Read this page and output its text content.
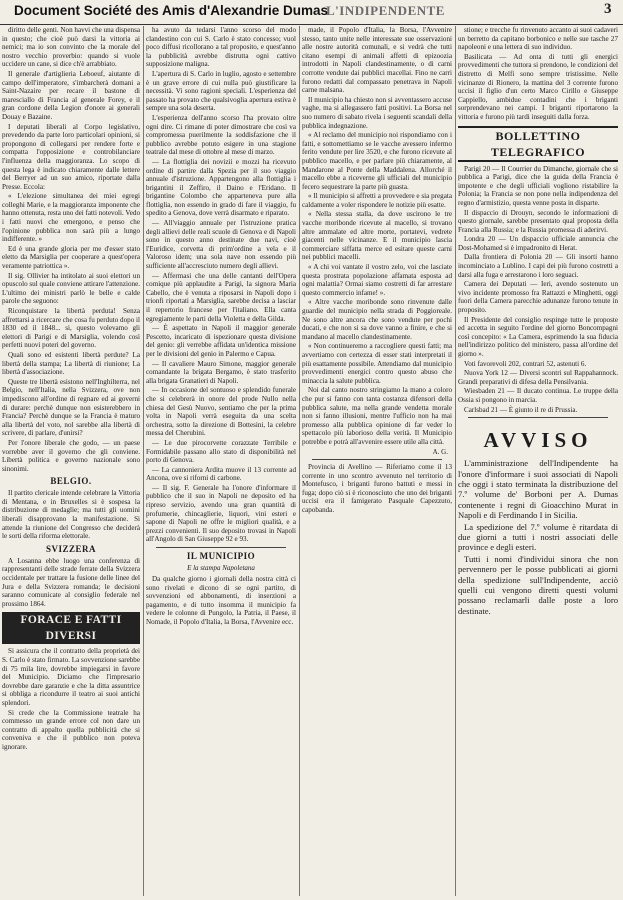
Document Société des Amis d'Alexandrie Dumas
L'INDIPENDENTE	3

diritto delle genti. Non havvi che una dispensa in questo; che cioè può darsi la vittoria ai nemici; ma io son convinto che la morale del nostro vecchio proverbio: quando si vuole uccidere un cane, si dice ch'è arrabbiato.

Il generale d'artiglieria Leboeuf, aiutante di campo dell'imperatore, s'imbarcherà domani a Saint-Nazaire per recare il bastone di maresciallo di Francia al generale Forey, e il gran cordone della Legion d'onore ai generali Douay e Bazaine.

I deputati liberali al Corpo legislativo, prevedendo da parte loro particolari opinioni, si propongono di collegarsi per rendere forte e compatta l'opposizione e controbilanciare l'influenza della maggioranza. Lo scopo di questa lega è indicato chiaramente dalle lettere del Berryer ad un suo amico, riportate dalla Presse. Eccola:

« L'elezione simultanea dei miei egregi colleghi Marie, e la maggioranza imponente che hanno ottenuta, resta uno dei fatti notevoli. Vedo i fatti nuovi che emergono, e penso che l'opinione pubblica non sarà più a lungo indifferente. »

Ed è una grande gloria per me d'esser stato eletto da Marsiglia per cooperare a quest'opera veramente patriottica ».

Il sig. Ollivier ha intitolato ai suoi elettori un opuscolo sul quale conviene attirare l'attenzione. L'ultimo dei ministri parlò le belle e calde parole che seguono:

Riconquistare la libertà perduta! Senza affrettarsi a ricercare che cosa fu perduto dopo il 1830 ed il 1848... si, questo volevamo gli elettori di Parigi e di Marsiglia, volendo così perfetti nuovi poteri del governo.

Quali sono ed esistenti libertà perdute? La libertà della stampa; La libertà di riunione; La libertà d'associazione.

Queste tre libertà esistono nell'Inghilterra, nel Belgio, nell'Italia, nella Svizzera, ove non impediscono all'ordine di regnare ed ai governi di durare: perchè dunque non esisterebbero in Francia? Perchè dunque se la Francia è maturo alla libertà del voto, nol sarebbe alla libertà di scrivere, di parlare, d'unirsi?

Per l'onore liberale che godo, — un paese vorrebbe aver il governo che gli conviene. Libertà politica e governo nazionale sono sinonimi.

BELGIO.

Il partito clericale intende celebrare la Vittoria di Mentana, e in Bruxelles si è sospesa la distribuzione di medaglie; ma tutti gli uomini liberali disapprovano la manifestazione. Si attende la riunione del Congresso che deciderà le sorti della riforma elettorale.

SVIZZERA

A Losanna ebbe luogo una conferenza di rappresentanti delle strade ferrate della Svizzera occidentale per trattare la fusione delle linee del Jura e della Svizzera romanda; le decisioni saranno comunicate al consiglio federale nel prossimo 1864.

FORACE E FATTI DIVERSI

Si assicura che il contratto della proprietà dei S. Carlo è stato firmato. La sovvenzione sarebbe di 75 mila lire, dovrebbe impiegarsi in favore del Municipio. Diciamo che l'impresario dovrebbe dare garanzie e che la ditta assuntrice si obbliga a ricondurre il teatro ai suoi antichi splendori.

Si crede che la Commissione teatrale ha commesso un grande errore col non dare un contratto di appalto quella pubblicità che si conveniva e che il pubblico non poteva ignorare.

ha avuto da tedarsi l'anno scorso del modo clandestino con cui S. Carlo è stato concesso; vuol poco diffusi ricollorano a tal proposito, e quest'anno la pubblicità avrebbe distrutta ogni cattivo supposizione maligna.

L'apertura di S. Carlo in luglio, agosto e settembre è un grave errore di cui nulla può giustificare la necessità. Vi sono ragioni speciali. L'esperienza del passato ha provato che qualsivoglia apertura estiva è sempre una sola deserta.

L'esperienza dell'anno scorso l'ha provato oltre ogni dire. Ci rimane di poter dimostrare che così va compromessa puerilmente la soddisfazione che il pubblico avrebbe potuto esigere in una stagione teatrale dal mese di ottobre al mese di marzo.

— La flottiglia dei novizii e mozzi ha ricevuto ordine di partire dalla Spezia per il suo viaggio annuale d'istruzione. Appartengono alla flottiglia i brigantini il Zeffiro, il Daino e l'Eridano. Il brigantine Colombo che apparteneva pure alla flottiglia, non essendo in grado di fare il viaggio, fu spedito a Genova, dove verrà disarmato e riparato.

— All'viaggio annuale per l'istruzione pratica degli allievi delle reali scuole di Genova e di Napoli sono in questo anno destinate due navi, cioè l'Euridice, corvetta di prim'ordine a vela e il Valoroso idem; una sola nave non essendo più sufficiente all'accresciuto numero degli allievi.

— Affermasi che una delle cantanti dell'Opera comique più applaudite a Parigi, la signora Maria Cabello, che è venuta a riposarsi in Napoli dopo i trionfi riportati a Marsiglia, sarebbe decisa a lasciar il repertorio francese per l'italiano. Ella canta egregiamente le parti della Violetta e della Gilda.

— È aspettato in Napoli il maggior generale Pescetto, incaricato di ispezionare questa divisione del genio: gli verrebbe affidata un'identica missione per le divisioni del genio in Palermo e Capua.

— Il cavaliere Mauro Simone, maggior generale comandante la brigata Bergamo, è stato trasferito alla brigata Granatieri di Napoli.

— In occasione del sontuoso e splendido funerale che si celebrerà in onore del prode Nullo nella chiesa del Gesù Nuovo, sentiamo che per la prima volta in Napoli verrà eseguita da una scelta orchestra, sotto la direzione di Bottesini, la celebre messa del Cherubini.

— Le due pirocorvette corazzate Terribile e Formidabile passano allo stato di disponibilità nel porto di Genova.

— La cannoniera Ardita muove il 13 corrente ad Ancona, ove si riforni di carbone.

— Il sig. F. Generale ha l'onore d'informare il pubblico che il suo in Napoli ne deposito ed ha ripreso servizio, avendo una gran quantità di profumerie, chincaglierie, liquori, vini esteri e sapone di Napoli ne offre le migliori qualità, e a prezzi convenienti. Il suo deposito trovasi in Napoli all'Angolo di San Giuseppe 92 e 93.

IL MUNICIPIO
E la stampa Napoletana

Da qualche giorno i giornali della nostra città ci sono rivelati e dicono di se ogni partito, di sovvenzioni ed abbonamenti, di inserzioni a pagamento, e di tutto insomma il municipio fa vedere le colonne di Pungolo, la Patria, il Paese, il Nomade, il Popolo d'Italia, la Borsa, l'Avvenire ecc.

made, il Popolo d'Italia, la Borsa, l'Avvenire stesso, tanto unite nelle interessate sue osservazioni alle nostre autorità comunali, e si vedrà che tutti citano esempi di animali affetti di epizoozia introdotti in Napoli clandestinamente, o di carni corrotte vendute dai pubblici macellai. Fino ne carri furono redatti dal compassato penetrava in Napoli carne malsana.

Il municipio ha chiesto non si avventassero accuse vaghe, ma si allegassero fatti positivi. La Borsa nel suo numero di sabato rivela i seguenti scandali della pubblica indegnazione.

« Al reclamo del municipio noi rispondiamo con i fatti, e sottomettiamo se le vacche avessero infermo ferito vendute per lire 3520, e che furono ricevute al pubblico macello, e per parlare più chiaramente, al Mandarone al Ponte della Maddalena. Allorché il macello ebbe a riceverne gli ufficiali del municipio fecero sequestrare la parte più guasta.

« Il municipio si affretti a provvedere e sia pregata caldamente a voler rispondere le notizie più esatte.

« Nella stessa stalla, da dove uscirono le tre vacche moribonde ricevute al macello, si trovano altre ammalate ed altre morte, portatevi, vedrete giacenti nelle vicinanze. E il municipio lascia commerciare siffatta merce ed esitare queste carni nei pubblici macelli.

« A chi voi vantate il vostro zelo, voi che lasciate questa prostrata popolazione affamata esposta ad ogni malattia? Ormai siamo costretti di far arrestare questo commercio infame! ».

« Altre vacche moribonde sono rinvenute dalle guardie del municipio nella strada di Poggioreale. Ne sono altre ancora che sono vendute per pochi ducati, e che non si sa dove vanno a finire, e che si mandano al macello clandestinamente.

« Non continueremo a raccogliere questi fatti; ma avvertiamo con certezza di esser stati interpretati il più esattamente possibile. Attendiamo dal municipio provvedimenti energici contro questo abuso che minaccia la salute pubblica.

Noi dal canto nostro stringiamo la mano a coloro che pur si fanno con tanta costanza difensori della pubblica salute, ma nella grande vendetta morale non si fanno illusioni, mentre l'ufficio non ha mai promesso alla pubblica opinione di far veder lo spettacolo più laborioso della verità. Il Municipio potrebbe e potrà all'avvenire essere utile alla città.

A. G.

Provincia di Avellino — Riferiamo come il 13 corrente in uno scontro avvenuto nel territorio di Montefusco, i briganti furono battuti e messi in fuga; dopo ciò si è riconosciuto che uno dei briganti uccisi era il famigerato Pasquale Capezzuto, capobanda.

stione; e trecche fu rinvenuto accanto ai suoi cadaveri un berretto da capitano borbonico e nelle sue tasche 27 napoleoni e una lettera di suo individuo.

Basilicata — Ad onta di tutti gli energici provvedimenti che tuttora si prendono, le condizioni del distretto di Melfi sono sempre tristissime. Nelle vicinanze di Rionero, la mattina del 3 corrente furono uccisi il figlio d'un certo Marco Cirillo e Giuseppe Cappiello, ambidue contadini che i briganti sorprendevano nei campi. I briganti riportarono la vittoria e furono più tardi inseguiti dalla forza.

BOLLETTINO TELEGRAFICO

Parigi 20 — Il Courrier du Dimanche, giornale che si pubblica a Parigi, dice che la guida della Francia è impotente e che degli ufficiali vogliono ristabilire la Polonia; la Francia se non pone nella indipendenza del regno d'armistizio, questa venne posta in disparte.

Il dispaccio di Drouyn, secondo le informazioni di questo giornale, sarebbe presentato qual proposta della Francia alla Russia; e la Russia promessa di aderirvi.

Londra 20 — Un dispaccio ufficiale annuncia che Dost-Mohamed si è impadronito di Herat.

Dalla frontiera di Polonia 20 — Gli insorti hanno incominciato a Lublino. I capi dei più furono costretti a darsi alla fuga e arrestarono i loro seguaci.

Camera dei Deputati — Ieri, avendo sostenuto un vivo incidente promosso fra Rattazzi e Minghetti, oggi fuori della Camera parecchie adunanze furono tenute in proposito.

Il Presidente del consiglio respinge tutte le proposte ed accetta in seguito l'ordine del giorno Boncompagni così concepito: « La Camera, esprimendo la sua fiducia nell'indirizzo politico del ministero, passa all'ordine del giorno ».

Voti favorevoli 202, contrari 52, astenuti 6.

Nuova York 12 — Diversi scontri sul Rappahannock. Grandi preparativi di difesa della Pensilvania.

Wiesbaden 21 — Il ducato continua. Le truppe della Ossia si pongono in marcia.

Carlsbad 21 — È giunto il re di Prussia.

AVVISO

L'amministrazione dell'Indipendente ha l'onore d'informare i suoi associati di Napoli che oggi i stato terminata la distribuzione del 7.º volume de' Borboni per A. Dumas contenente i regni di Gioacchino Murat in Napoli e di Ferdinando I in Sicilia.

La spedizione del 7.º volume è ritardata di due giorni a tutti i nostri associati delle province e degli esteri.

Tutti i nomi d'individui sinora che non pervennero per le posse pubblicati ai giorni della spedizione sull'Indipendente, acciò quelli cui vengono diretti questi volumi possano reclamarli dalle poste a loro destinate.
